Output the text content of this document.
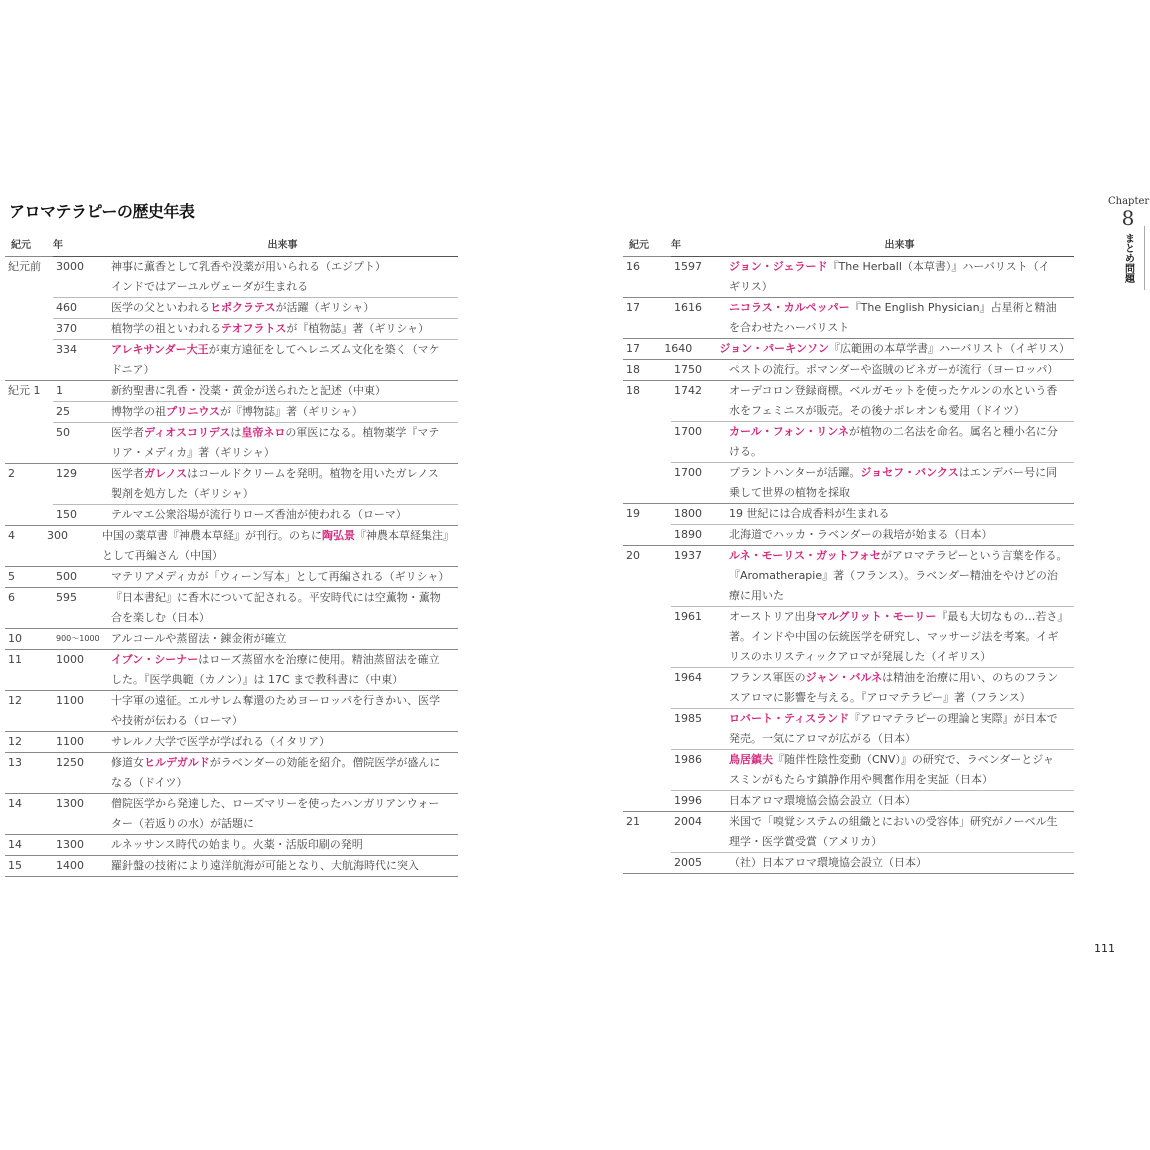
アロマテラピーの歴史年表
紀元	年	出来事
紀元前	3000	神事に薫香として乳香や没薬が用いられる（エジプト）
インドではアーユルヴェーダが生まれる
460	医学の父といわれるヒポクラテスが活躍（ギリシャ）
370	植物学の祖といわれるテオフラトスが『植物誌』著（ギリシャ）
334	アレキサンダー大王が東方遠征をしてヘレニズム文化を築く（マケ
ドニア）
紀元 1	1	新約聖書に乳香・没薬・黄金が送られたと記述（中東）
25	博物学の祖プリニウスが『博物誌』著（ギリシャ）
50	医学者ディオスコリデスは皇帝ネロの軍医になる。植物薬学『マテ
リア・メディカ』著（ギリシャ）
2	129	医学者ガレノスはコールドクリームを発明。植物を用いたガレノス
製剤を処方した（ギリシャ）
150	テルマエ公衆浴場が流行りローズ香油が使われる（ローマ）
4	300	中国の薬草書『神農本草経』が刊行。のちに陶弘景『神農本草経集注』
として再編さん（中国）
5	500	マテリアメディカが「ウィーン写本」として再編される（ギリシャ）
6	595	『日本書紀』に香木について記される。平安時代には空薫物・薫物
合を楽しむ（日本）
10	900～1000	アルコールや蒸留法・錬金術が確立
11	1000	イブン・シーナーはローズ蒸留水を治療に使用。精油蒸留法を確立
した。『医学典範（カノン）』は 17C まで教科書に（中東）
12	1100	十字軍の遠征。エルサレム奪還のためヨーロッパを行きかい、医学
や技術が伝わる（ローマ）
12	1100	サレルノ大学で医学が学ばれる（イタリア）
13	1250	修道女ヒルデガルドがラベンダーの効能を紹介。僧院医学が盛んに
なる（ドイツ）
14	1300	僧院医学から発達した、ローズマリーを使ったハンガリアンウォー
ター（若返りの水）が話題に
14	1300	ルネッサンス時代の始まり。火薬・活版印刷の発明
15	1400	羅針盤の技術により遠洋航海が可能となり、大航海時代に突入
紀元	年	出来事
16	1597	ジョン・ジェラード『The Herball（本草書）』ハーバリスト（イ
ギリス）
17	1616	ニコラス・カルペッパー『The English Physician』占星術と精油
を合わせたハーバリスト
17	1640	ジョン・パーキンソン『広範囲の本草学書』ハーバリスト（イギリス）
18	1750	ペストの流行。ポマンダーや盗賊のビネガーが流行（ヨーロッパ）
18	1742	オーデコロン登録商標。ベルガモットを使ったケルンの水という香
水をフェミニスが販売。その後ナポレオンも愛用（ドイツ）
1700	カール・フォン・リンネが植物の二名法を命名。属名と種小名に分
ける。
1700	プラントハンターが活躍。ジョセフ・バンクスはエンデバー号に同
乗して世界の植物を採取
19	1800	19 世紀には合成香料が生まれる
1890	北海道でハッカ・ラベンダーの栽培が始まる（日本）
20	1937	ルネ・モーリス・ガットフォセがアロマテラピーという言葉を作る。
『Aromatherapie』著（フランス）。ラベンダー精油をやけどの治
療に用いた
1961	オーストリア出身マルグリット・モーリー『最も大切なもの…若さ』
著。インドや中国の伝統医学を研究し、マッサージ法を考案。イギ
リスのホリスティックアロマが発展した（イギリス）
1964	フランス軍医のジャン・バルネは精油を治療に用い、のちのフラン
スアロマに影響を与える。『アロマテラピー』著（フランス）
1985	ロバート・ティスランド『アロマテラピーの理論と実際』が日本で
発売。一気にアロマが広がる（日本）
1986	鳥居鎮夫『随伴性陰性変動（CNV）』の研究で、ラベンダーとジャ
スミンがもたらす鎮静作用や興奮作用を実証（日本）
1996	日本アロマ環境協会協会設立（日本）
21	2004	米国で「嗅覚システムの組織とにおいの受容体」研究がノーベル生
理学・医学賞受賞（アメリカ）
2005	（社）日本アロマ環境協会設立（日本）
Chapter
8
まとめ問題
111
